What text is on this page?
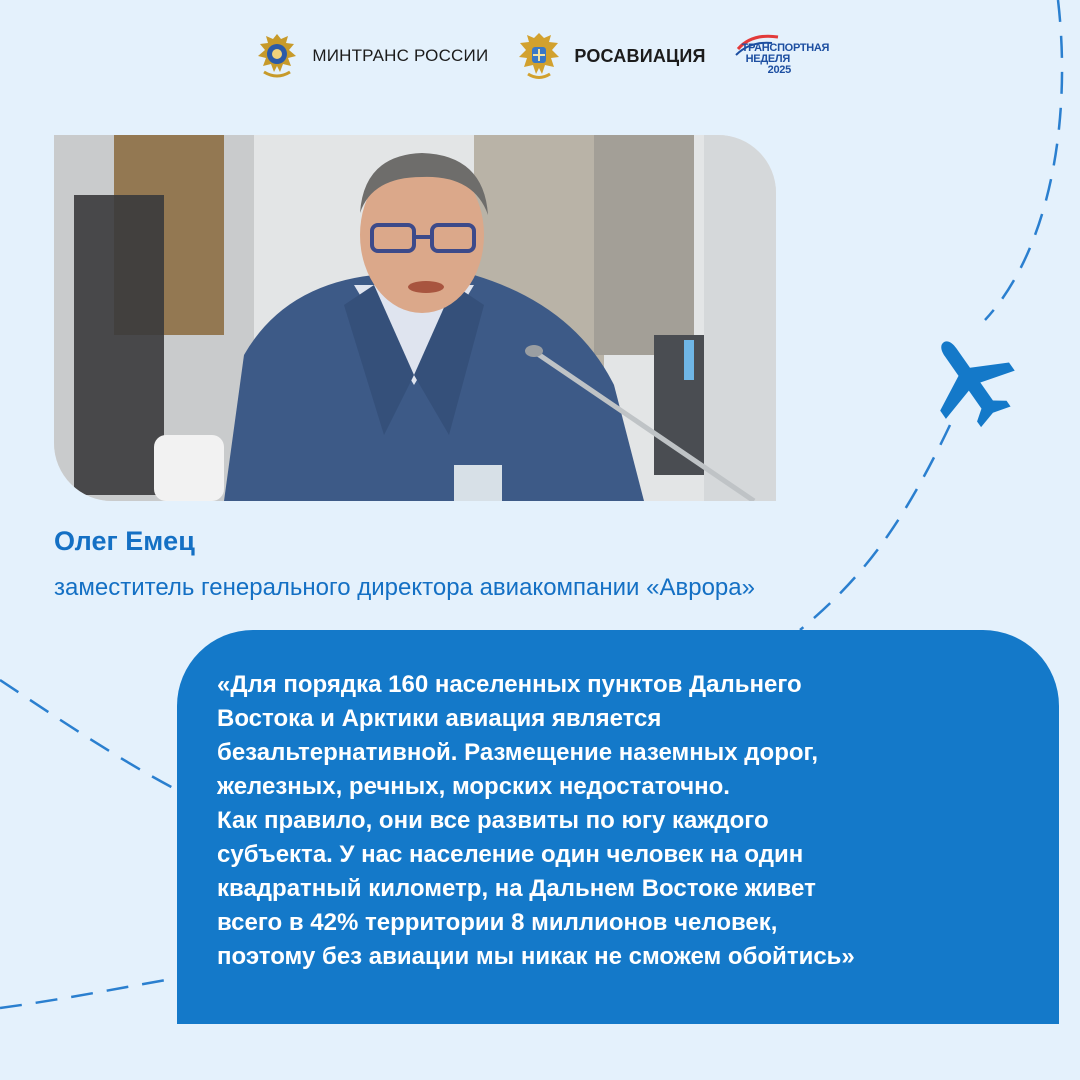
МИНТРАНС РОССИИ	РОСАВИАЦИЯ	ТРАНСПОРТНАЯ
НЕДЕЛЯ
2025
Олег Емец
заместитель генерального директора авиакомпании «Аврора»

«Для порядка 160 населенных пунктов Дальнего
Востока и Арктики авиация является
безальтернативной. Размещение наземных дорог,
железных, речных, морских недостаточно.
Как правило, они все развиты по югу каждого
субъекта. У нас население один человек на один
квадратный километр, на Дальнем Востоке живет
всего в 42% территории 8 миллионов человек,
поэтому без авиации мы никак не сможем обойтись»
